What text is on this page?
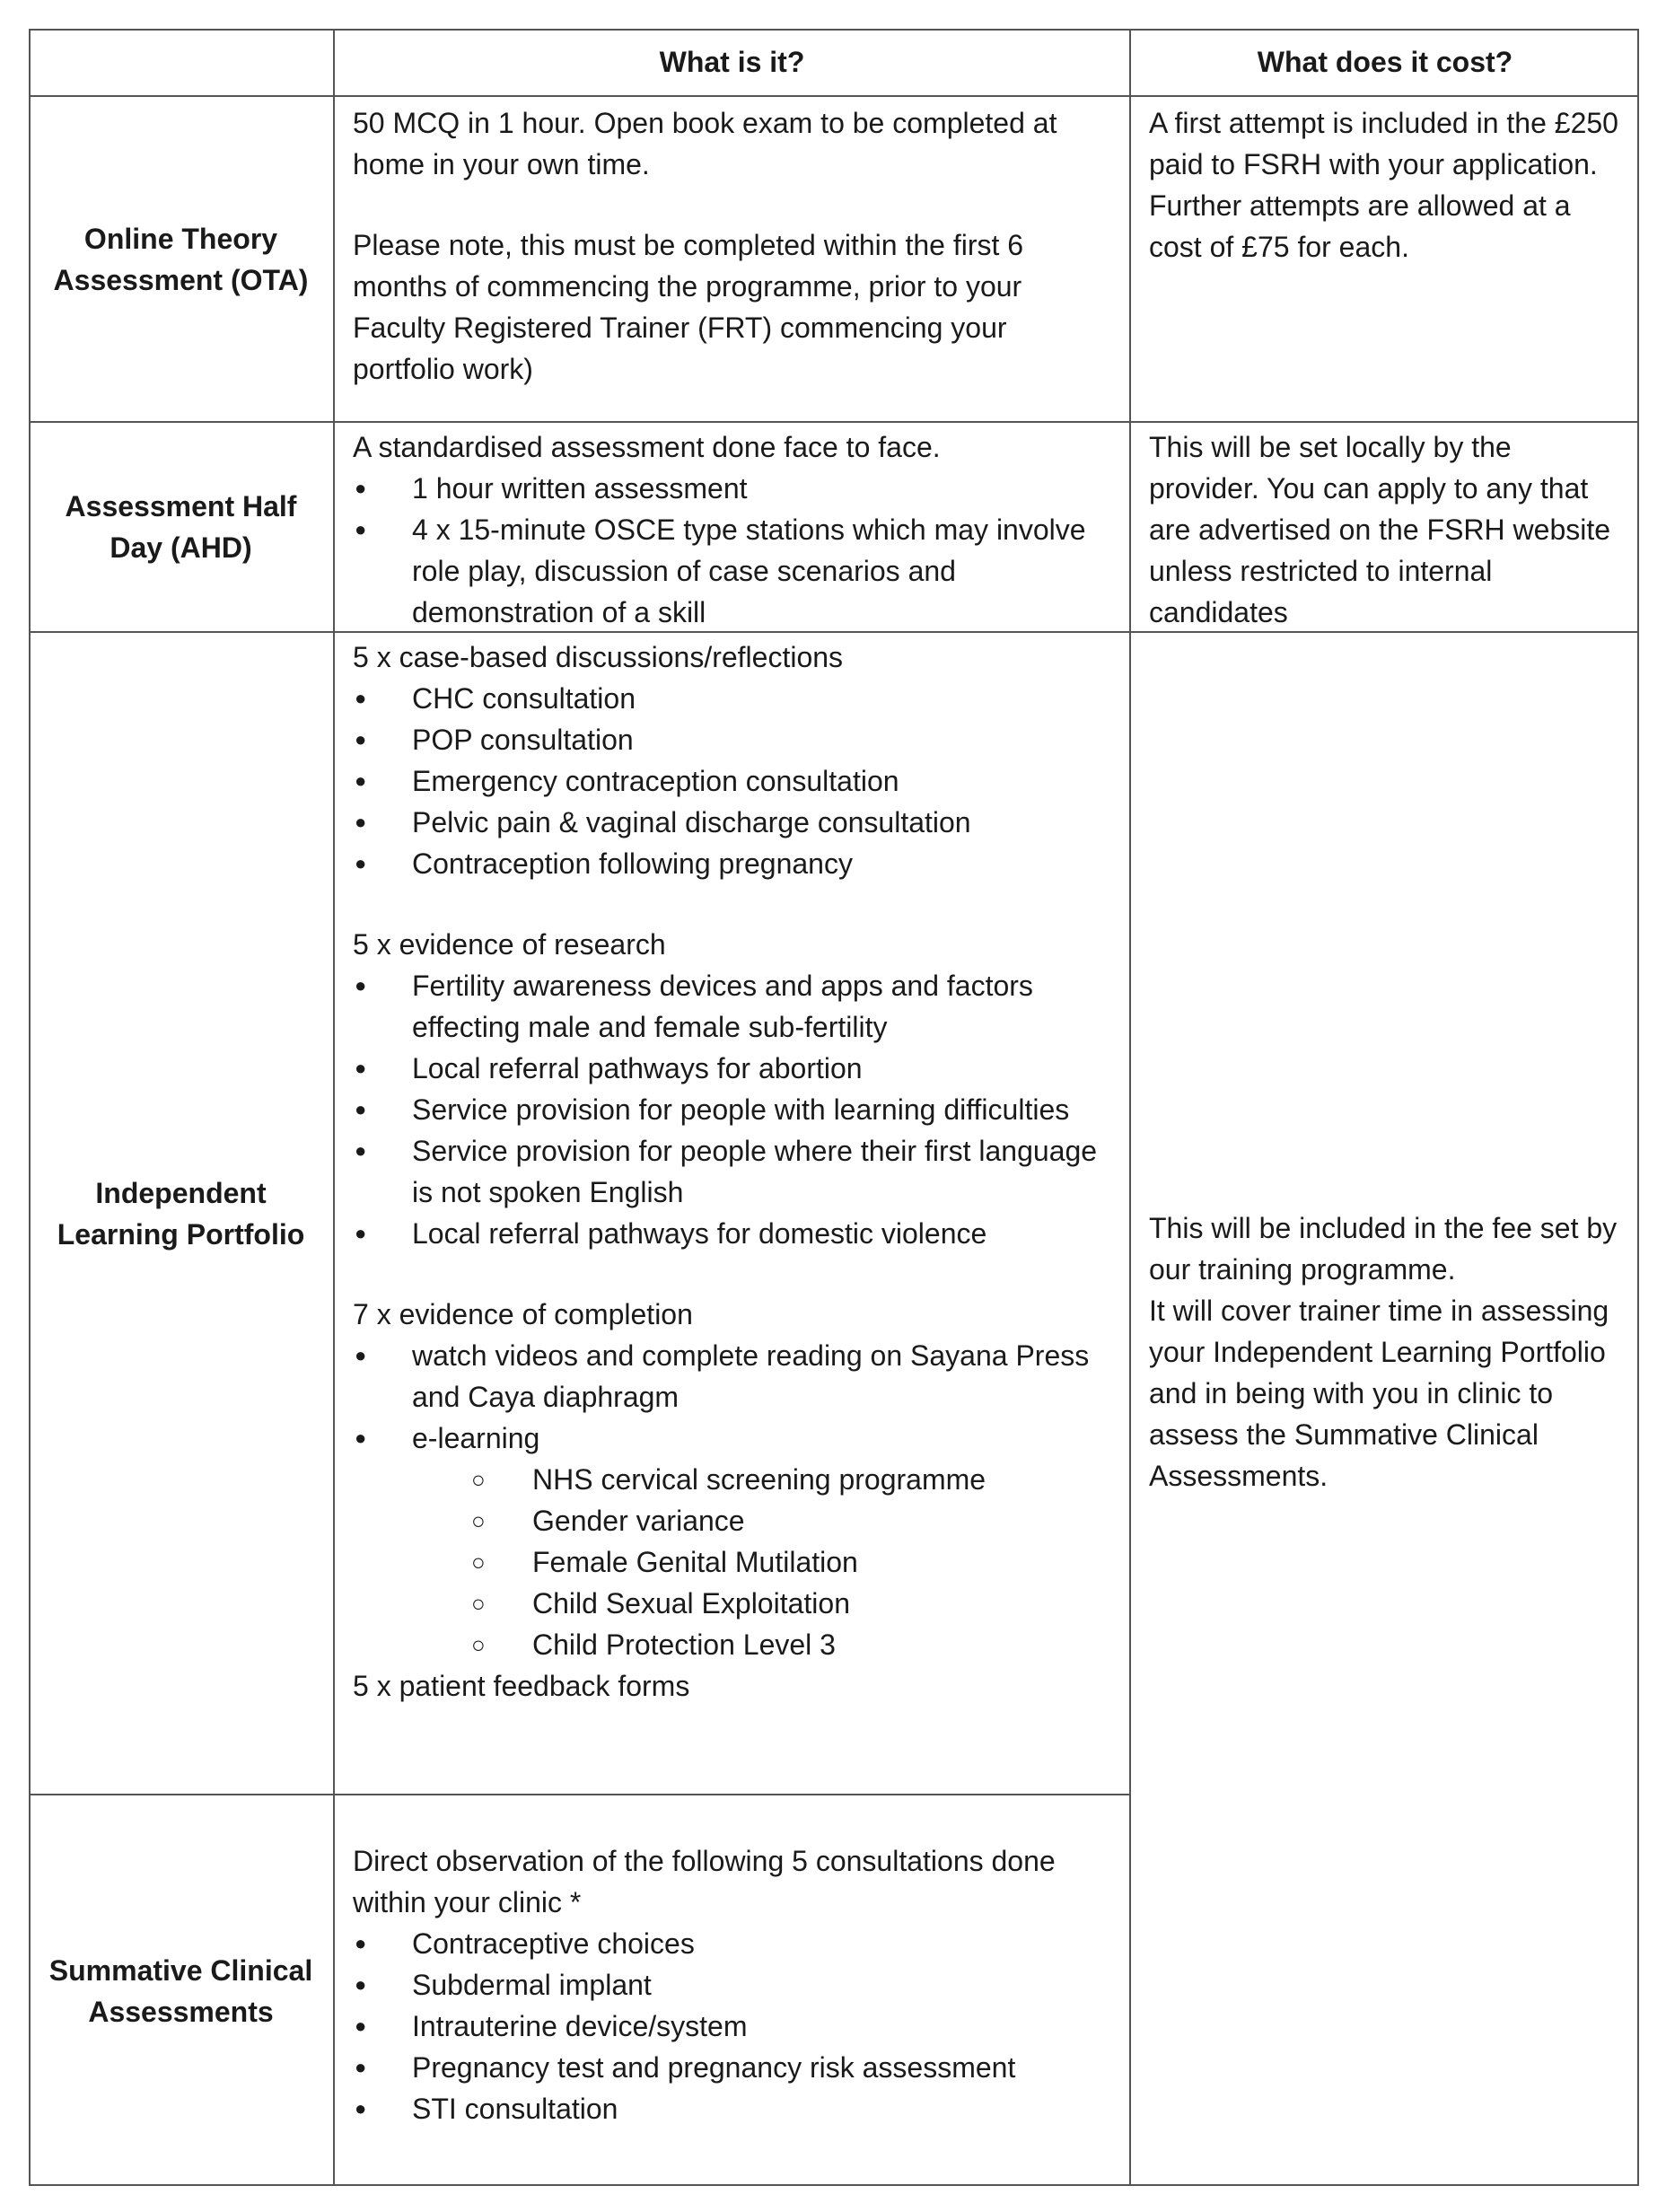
What is it?	What does it cost?
Online Theory Assessment (OTA)

50 MCQ in 1 hour. Open book exam to be completed at home in your own time.

Please note, this must be completed within the first 6 months of commencing the programme, prior to your Faculty Registered Trainer (FRT) commencing your portfolio work)

A first attempt is included in the £250 paid to FSRH with your application. Further attempts are allowed at a cost of £75 for each.

Assessment Half Day (AHD)

A standardised assessment done face to face.

● 1 hour written assessment
● 4 x 15-minute OSCE type stations which may involve role play, discussion of case scenarios and demonstration of a skill

This will be set locally by the provider. You can apply to any that are advertised on the FSRH website unless restricted to internal candidates

Independent Learning Portfolio

5 x case-based discussions/reflections

● CHC consultation
● POP consultation
● Emergency contraception consultation
● Pelvic pain & vaginal discharge consultation
● Contraception following pregnancy

5 x evidence of research

● Fertility awareness devices and apps and factors effecting male and female sub-fertility
● Local referral pathways for abortion
● Service provision for people with learning difficulties
● Service provision for people where their first language is not spoken English
● Local referral pathways for domestic violence

7 x evidence of completion

● watch videos and complete reading on Sayana Press and Caya diaphragm
● e-learning
○ NHS cervical screening programme
○ Gender variance
○ Female Genital Mutilation
○ Child Sexual Exploitation
○ Child Protection Level 3

5 x patient feedback forms

This will be included in the fee set by our training programme.

It will cover trainer time in assessing your Independent Learning Portfolio and in being with you in clinic to assess the Summative Clinical Assessments.

Summative Clinical Assessments

Direct observation of the following 5 consultations done within your clinic *

● Contraceptive choices
● Subdermal implant
● Intrauterine device/system
● Pregnancy test and pregnancy risk assessment
● STI consultation
